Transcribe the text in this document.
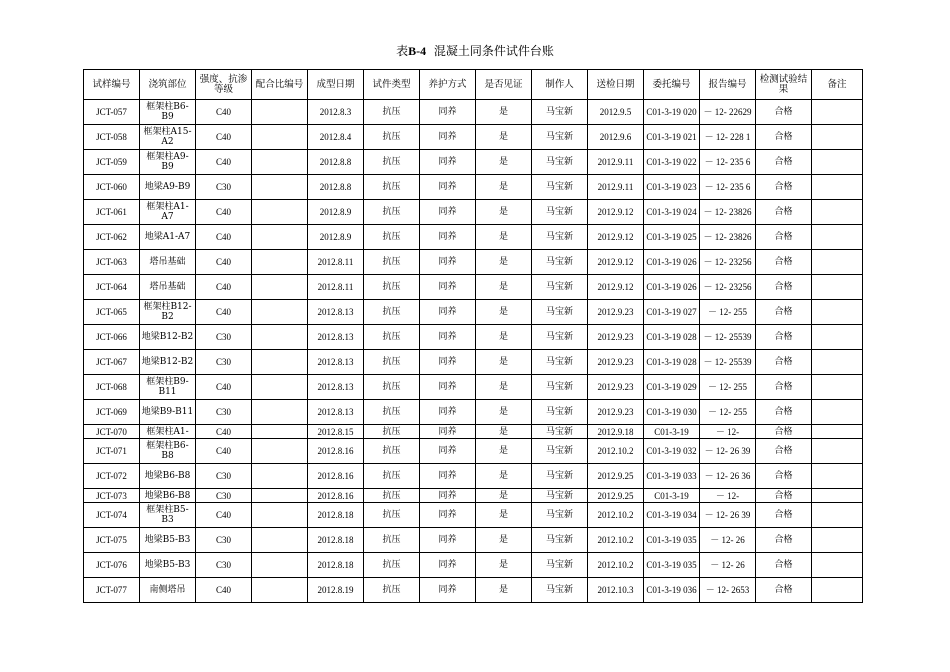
表B-4 混凝土同条件试件台账
试样编号	浇筑部位	强度、抗渗等级	配合比编号	成型日期	试件类型	养护方式	是否见证	制作人	送检日期	委托编号	报告编号	检测试验结果	备注
JCT-057	框架柱B6-B9	C40		2012.8.3	抗压	同养	是	马宝新	2012.9.5	C01-3-19 020	－ 12- 22629	合格	
JCT-058	框架柱A15-A2	C40		2012.8.4	抗压	同养	是	马宝新	2012.9.6	C01-3-19 021	－ 12- 228 1	合格	
JCT-059	框架柱A9-B9	C40		2012.8.8	抗压	同养	是	马宝新	2012.9.11	C01-3-19 022	－ 12- 235 6	合格	
JCT-060	地梁A9-B9	C30		2012.8.8	抗压	同养	是	马宝新	2012.9.11	C01-3-19 023	－ 12- 235 6	合格	
JCT-061	框架柱A1-A7	C40		2012.8.9	抗压	同养	是	马宝新	2012.9.12	C01-3-19 024	－ 12- 23826	合格	
JCT-062	地梁A1-A7	C40		2012.8.9	抗压	同养	是	马宝新	2012.9.12	C01-3-19 025	－ 12- 23826	合格	
JCT-063	塔吊基础	C40		2012.8.11	抗压	同养	是	马宝新	2012.9.12	C01-3-19 026	－ 12- 23256	合格	
JCT-064	塔吊基础	C40		2012.8.11	抗压	同养	是	马宝新	2012.9.12	C01-3-19 026	－ 12- 23256	合格	
JCT-065	框架柱B12-B2	C40		2012.8.13	抗压	同养	是	马宝新	2012.9.23	C01-3-19 027	－ 12- 255	合格	
JCT-066	地梁B12-B2	C30		2012.8.13	抗压	同养	是	马宝新	2012.9.23	C01-3-19 028	－ 12- 25539	合格	
JCT-067	地梁B12-B2	C30		2012.8.13	抗压	同养	是	马宝新	2012.9.23	C01-3-19 028	－ 12- 25539	合格	
JCT-068	框架柱B9-B11	C40		2012.8.13	抗压	同养	是	马宝新	2012.9.23	C01-3-19 029	－ 12- 255	合格	
JCT-069	地梁B9-B11	C30		2012.8.13	抗压	同养	是	马宝新	2012.9.23	C01-3-19 030	－ 12- 255	合格	
JCT-070	框架柱A1-	C40		2012.8.15	抗压	同养	是	马宝新	2012.9.18	C01-3-19	－ 12-	合格	
JCT-071	框架柱B6-B8	C40		2012.8.16	抗压	同养	是	马宝新	2012.10.2	C01-3-19 032	－ 12- 26 39	合格	
JCT-072	地梁B6-B8	C30		2012.8.16	抗压	同养	是	马宝新	2012.9.25	C01-3-19 033	－ 12- 26 36	合格	
JCT-073	地梁B6-B8	C30		2012.8.16	抗压	同养	是	马宝新	2012.9.25	C01-3-19	－ 12-	合格	
JCT-074	框架柱B5-B3	C40		2012.8.18	抗压	同养	是	马宝新	2012.10.2	C01-3-19 034	－ 12- 26 39	合格	
JCT-075	地梁B5-B3	C30		2012.8.18	抗压	同养	是	马宝新	2012.10.2	C01-3-19 035	－ 12- 26	合格	
JCT-076	地梁B5-B3	C30		2012.8.18	抗压	同养	是	马宝新	2012.10.2	C01-3-19 035	－ 12- 26	合格	
JCT-077	南侧塔吊	C40		2012.8.19	抗压	同养	是	马宝新	2012.10.3	C01-3-19 036	－ 12- 2653	合格	
